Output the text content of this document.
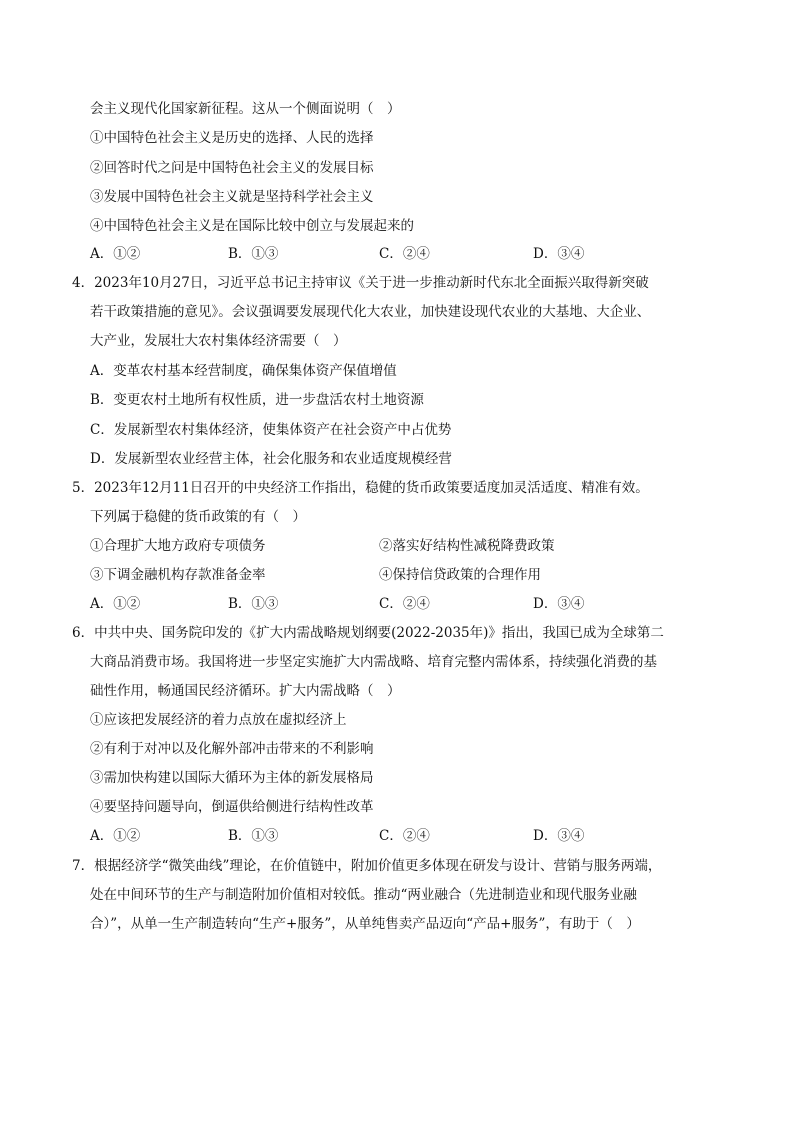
会主义现代化国家新征程。这从一个侧面说明（　）
①中国特色社会主义是历史的选择、人民的选择
②回答时代之问是中国特色社会主义的发展目标
③发展中国特色社会主义就是坚持科学社会主义
④中国特色社会主义是在国际比较中创立与发展起来的
A．①②	B．①③	C．②④	D．③④
4．2023年10月27日，习近平总书记主持审议《关于进一步推动新时代东北全面振兴取得新突破
若干政策措施的意见》。会议强调要发展现代化大农业，加快建设现代农业的大基地、大企业、
大产业，发展壮大农村集体经济需要（　）
A．变革农村基本经营制度，确保集体资产保值增值
B．变更农村土地所有权性质，进一步盘活农村土地资源
C．发展新型农村集体经济，使集体资产在社会资产中占优势
D．发展新型农业经营主体，社会化服务和农业适度规模经营
5．2023年12月11日召开的中央经济工作指出，稳健的货币政策要适度加灵活适度、精准有效。
下列属于稳健的货币政策的有（　）
①合理扩大地方政府专项债务	②落实好结构性减税降费政策
③下调金融机构存款准备金率	④保持信贷政策的合理作用
A．①②	B．①③	C．②④	D．③④
6．中共中央、国务院印发的《扩大内需战略规划纲要(2022-2035年)》指出，我国已成为全球第二
大商品消费市场。我国将进一步坚定实施扩大内需战略、培育完整内需体系，持续强化消费的基
础性作用，畅通国民经济循环。扩大内需战略（　）
①应该把发展经济的着力点放在虚拟经济上
②有利于对冲以及化解外部冲击带来的不利影响
③需加快构建以国际大循环为主体的新发展格局
④要坚持问题导向，倒逼供给侧进行结构性改革
A．①②	B．①③	C．②④	D．③④
7．根据经济学“微笑曲线”理论，在价值链中，附加价值更多体现在研发与设计、营销与服务两端，
处在中间环节的生产与制造附加价值相对较低。推动“两业融合（先进制造业和现代服务业融
合）”，从单一生产制造转向“生产+服务”，从单纯售卖产品迈向“产品+服务”，有助于（　）
